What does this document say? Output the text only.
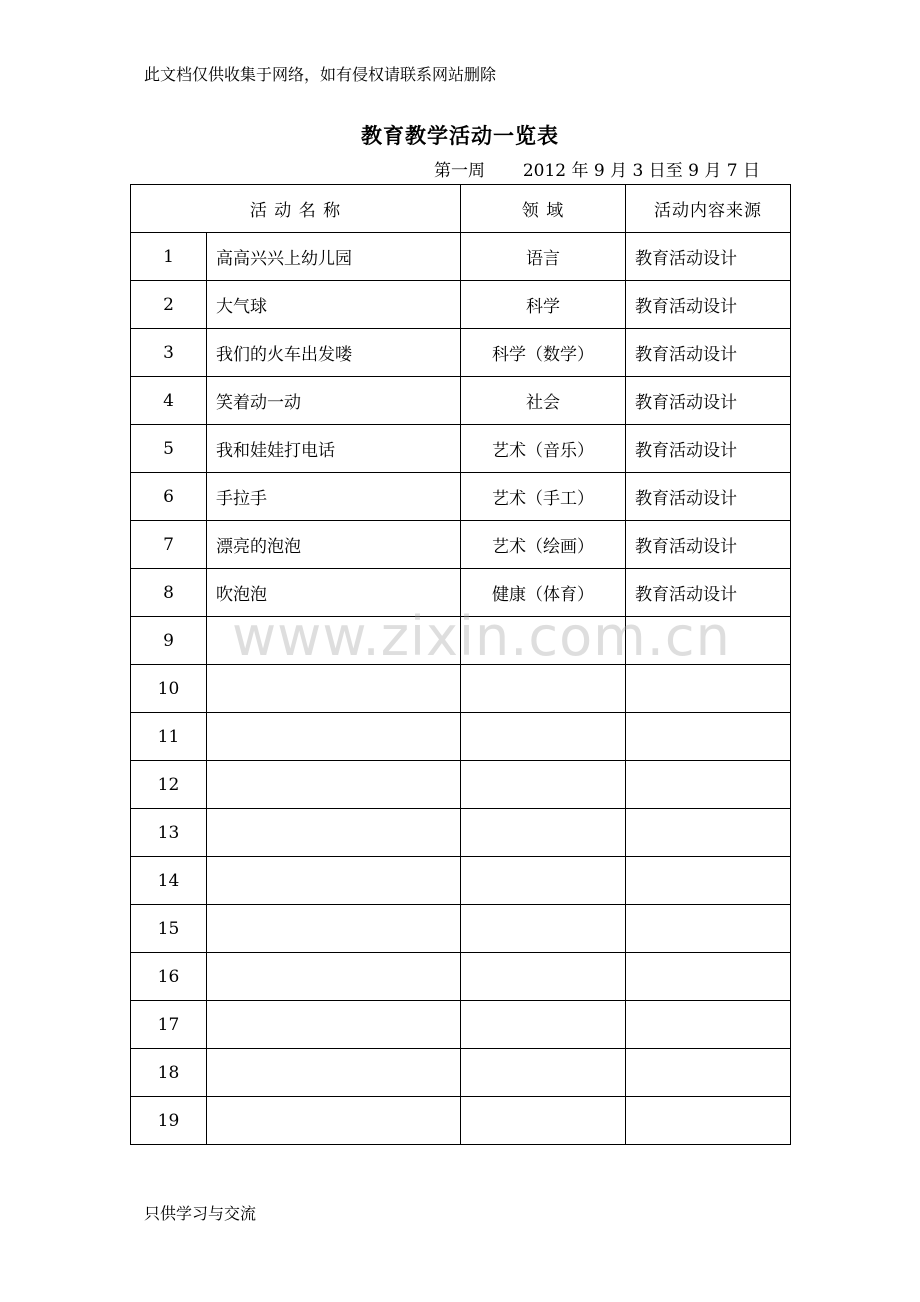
此文档仅供收集于网络，如有侵权请联系网站删除
教育教学活动一览表
第一周 2012 年 9 月 3 日至 9 月 7 日
活 动 名 称		领 域	活动内容来源
1	高高兴兴上幼儿园	语言	教育活动设计
2	大气球	科学	教育活动设计
3	我们的火车出发喽	科学（数学）	教育活动设计
4	笑着动一动	社会	教育活动设计
5	我和娃娃打电话	艺术（音乐）	教育活动设计
6	手拉手	艺术（手工）	教育活动设计
7	漂亮的泡泡	艺术（绘画）	教育活动设计
8	吹泡泡	健康（体育）	教育活动设计
9			
10			
11			
12			
13			
14			
15			
16			
17			
18			
19			
www.zixin.com.cn
只供学习与交流
